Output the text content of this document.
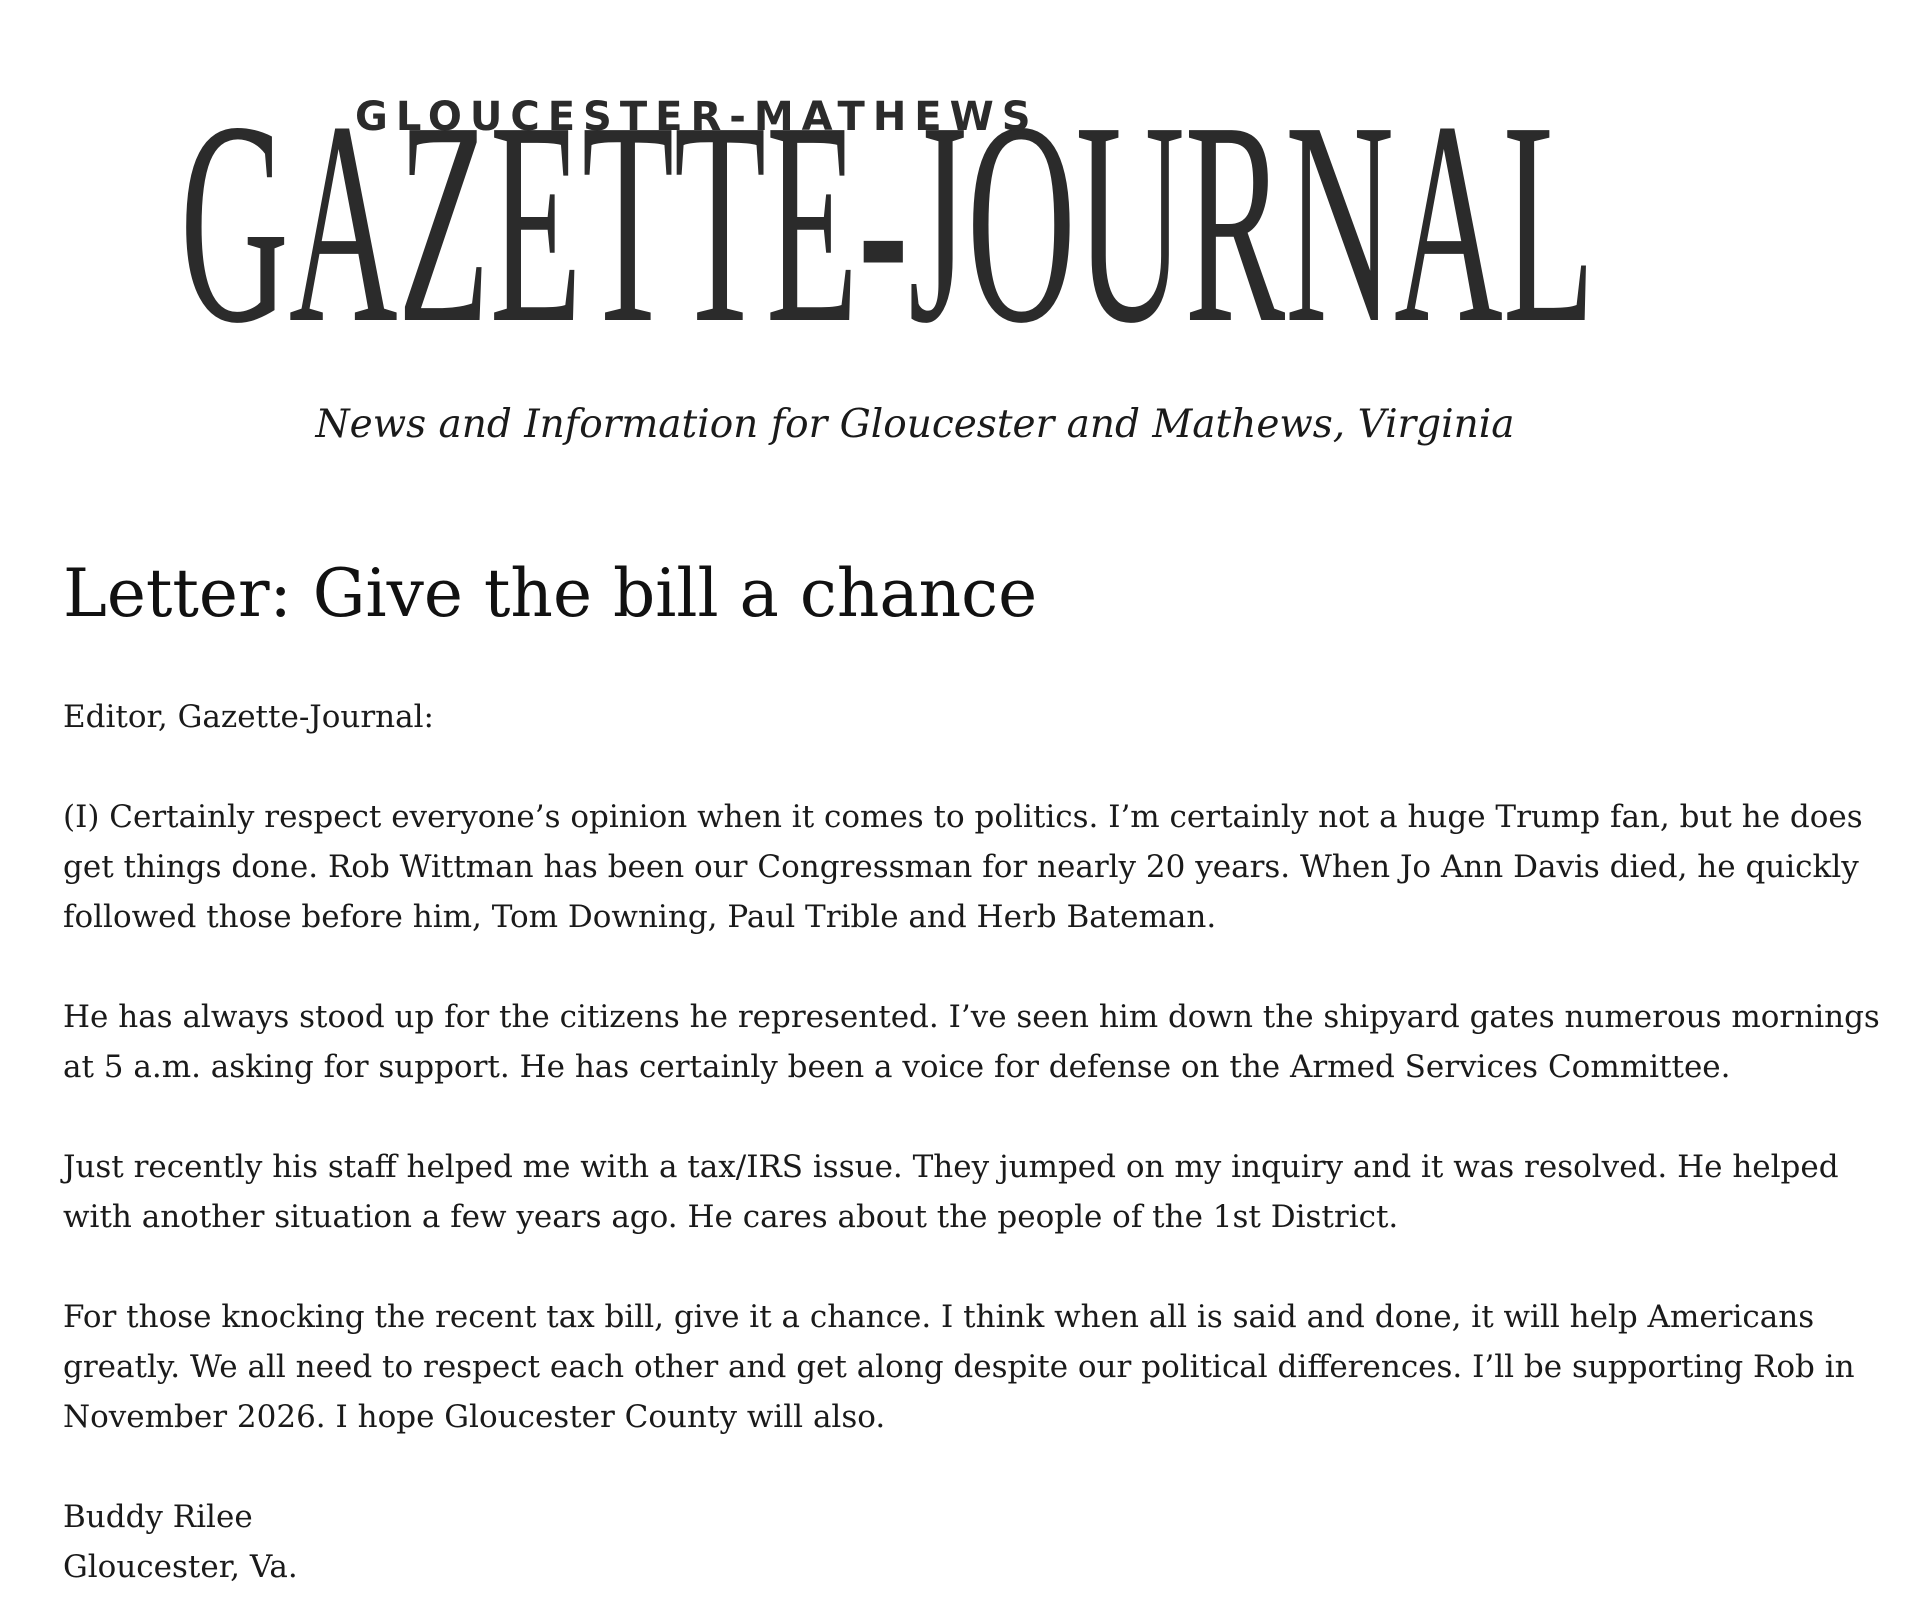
GAZETTE-JOURNAL
GLOUCESTER-MATHEWS
News and Information for Gloucester and Mathews, Virginia
Letter: Give the bill a chance

Editor, Gazette-Journal:

(I) Certainly respect everyone’s opinion when it comes to politics. I’m certainly not a huge Trump fan, but he does get things done. Rob Wittman has been our Congressman for nearly 20 years. When Jo Ann Davis died, he quickly followed those before him, Tom Downing, Paul Trible and Herb Bateman.

He has always stood up for the citizens he represented. I’ve seen him down the shipyard gates numerous mornings at 5 a.m. asking for support. He has certainly been a voice for defense on the Armed Services Committee.

Just recently his staff helped me with a tax/IRS issue. They jumped on my inquiry and it was resolved. He helped with another situation a few years ago. He cares about the people of the 1st District.

For those knocking the recent tax bill, give it a chance. I think when all is said and done, it will help Americans greatly. We all need to respect each other and get along despite our political differences. I’ll be supporting Rob in November 2026. I hope Gloucester County will also.

Buddy Rilee

Gloucester, Va.
